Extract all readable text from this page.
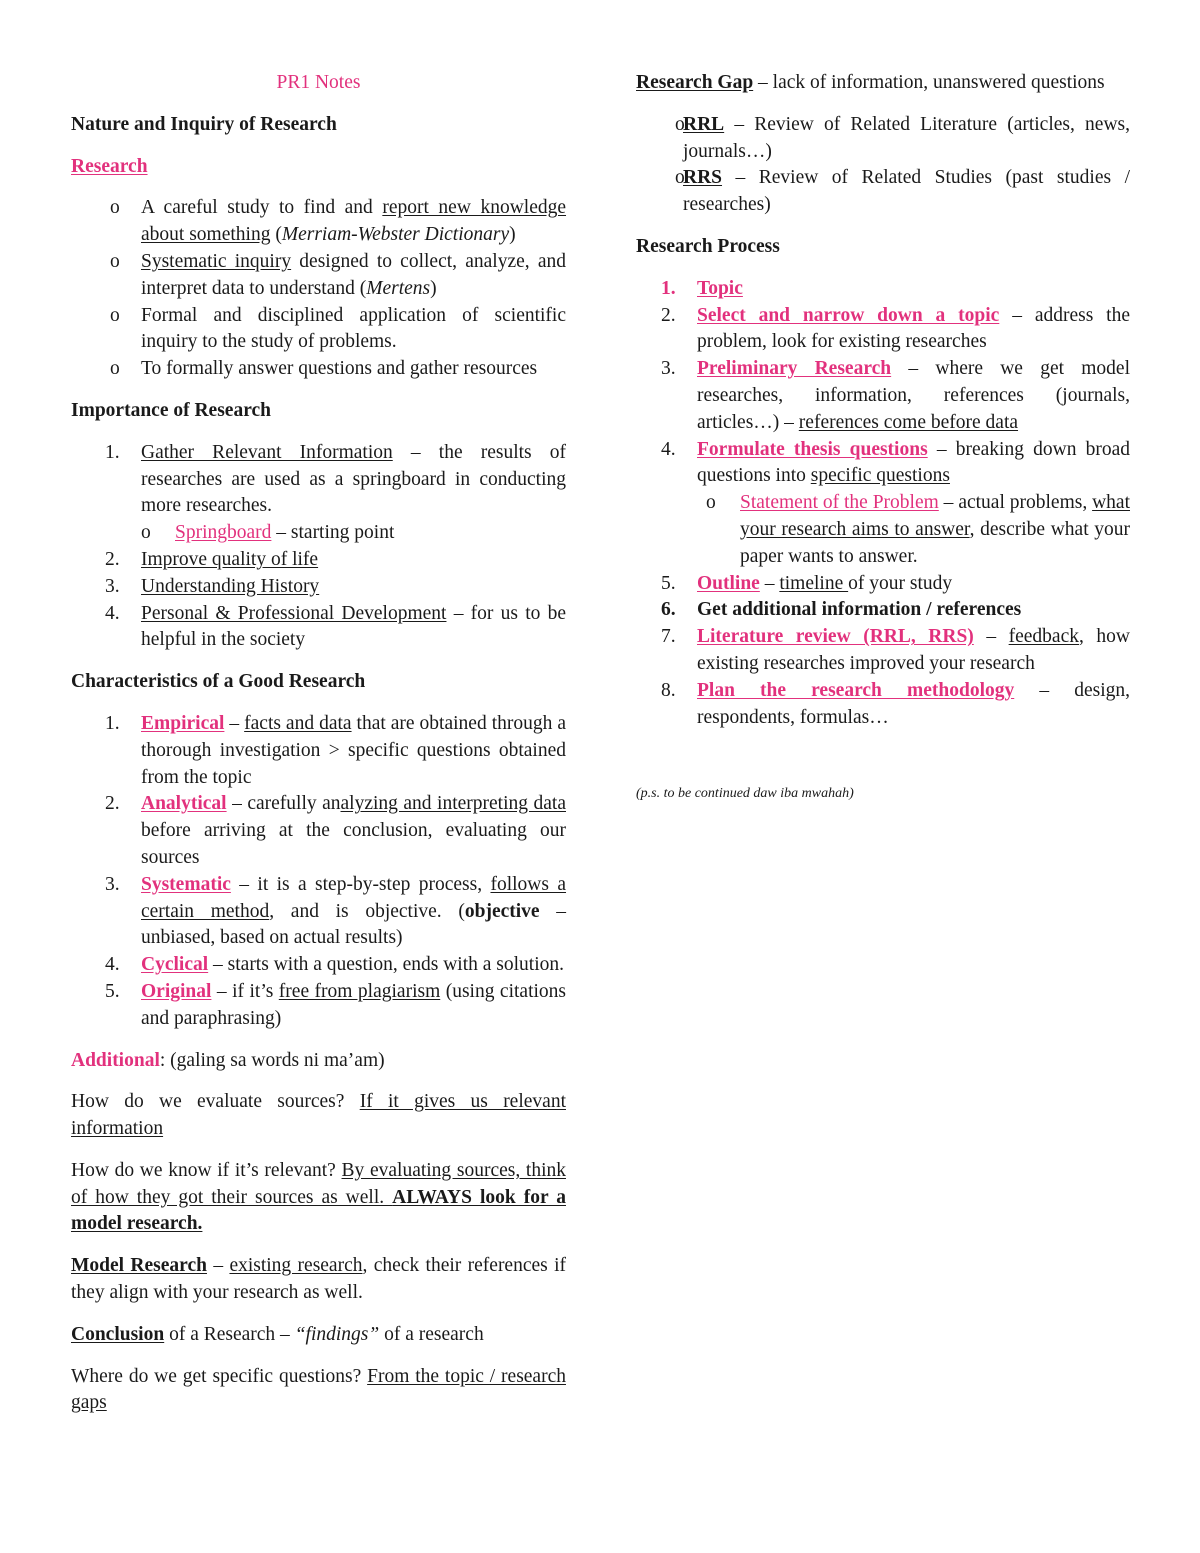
PR1 Notes
Nature and Inquiry of Research
Research
o A careful study to find and report new knowledge about something (Merriam-Webster Dictionary)
o Systematic inquiry designed to collect, analyze, and interpret data to understand (Mertens)
o Formal and disciplined application of scientific inquiry to the study of problems.
o To formally answer questions and gather resources
Importance of Research
1. Gather Relevant Information – the results of researches are used as a springboard in conducting more researches.
o Springboard – starting point
2. Improve quality of life
3. Understanding History
4. Personal & Professional Development – for us to be helpful in the society
Characteristics of a Good Research
1. Empirical – facts and data that are obtained through a thorough investigation > specific questions obtained from the topic
2. Analytical – carefully analyzing and interpreting data before arriving at the conclusion, evaluating our sources
3. Systematic – it is a step-by-step process, follows a certain method, and is objective. (objective – unbiased, based on actual results)
4. Cyclical – starts with a question, ends with a solution.
5. Original – if it’s free from plagiarism (using citations and paraphrasing)

Additional: (galing sa words ni ma’am)

How do we evaluate sources? If it gives us relevant information

How do we know if it’s relevant? By evaluating sources, think of how they got their sources as well. ALWAYS look for a model research.

Model Research – existing research, check their references if they align with your research as well.

Conclusion of a Research – “findings” of a research

Where do we get specific questions? From the topic / research gaps

Research Gap – lack of information, unanswered questions

o RRL – Review of Related Literature (articles, news, journals…)
o RRS – Review of Related Studies (past studies / researches)
Research Process
1. Topic
2. Select and narrow down a topic – address the problem, look for existing researches
3. Preliminary Research – where we get model researches, information, references (journals, articles…) – references come before data
4. Formulate thesis questions – breaking down broad questions into specific questions
o Statement of the Problem – actual problems, what your research aims to answer, describe what your paper wants to answer.
5. Outline – timeline of your study
6. Get additional information / references
7. Literature review (RRL, RRS) – feedback, how existing researches improved your research
8. Plan the research methodology – design, respondents, formulas…
(p.s. to be continued daw iba mwahah)
